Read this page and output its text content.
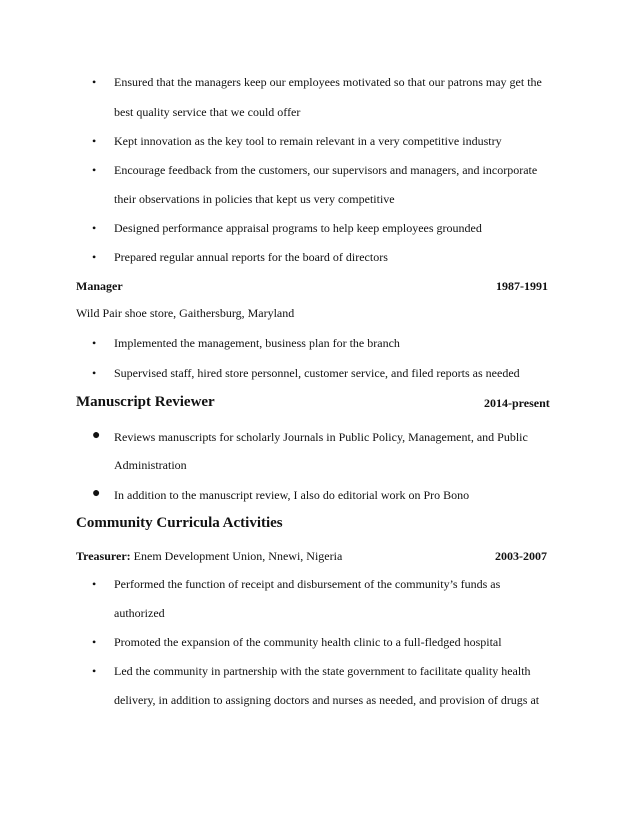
• Ensured that the managers keep our employees motivated so that our patrons may get the
best quality service that we could offer
• Kept innovation as the key tool to remain relevant in a very competitive industry
• Encourage feedback from the customers, our supervisors and managers, and incorporate
their observations in policies that kept us very competitive
• Designed performance appraisal programs to help keep employees grounded
• Prepared regular annual reports for the board of directors
Manager	1987-1991
Wild Pair shoe store, Gaithersburg, Maryland
• Implemented the management, business plan for the branch
• Supervised staff, hired store personnel, customer service, and filed reports as needed
Manuscript Reviewer	2014-present
● Reviews manuscripts for scholarly Journals in Public Policy, Management, and Public
Administration
● In addition to the manuscript review, I also do editorial work on Pro Bono
Community Curricula Activities
Treasurer: Enem Development Union, Nnewi, Nigeria	2003-2007
• Performed the function of receipt and disbursement of the community’s funds as
authorized
• Promoted the expansion of the community health clinic to a full-fledged hospital
• Led the community in partnership with the state government to facilitate quality health
delivery, in addition to assigning doctors and nurses as needed, and provision of drugs at
